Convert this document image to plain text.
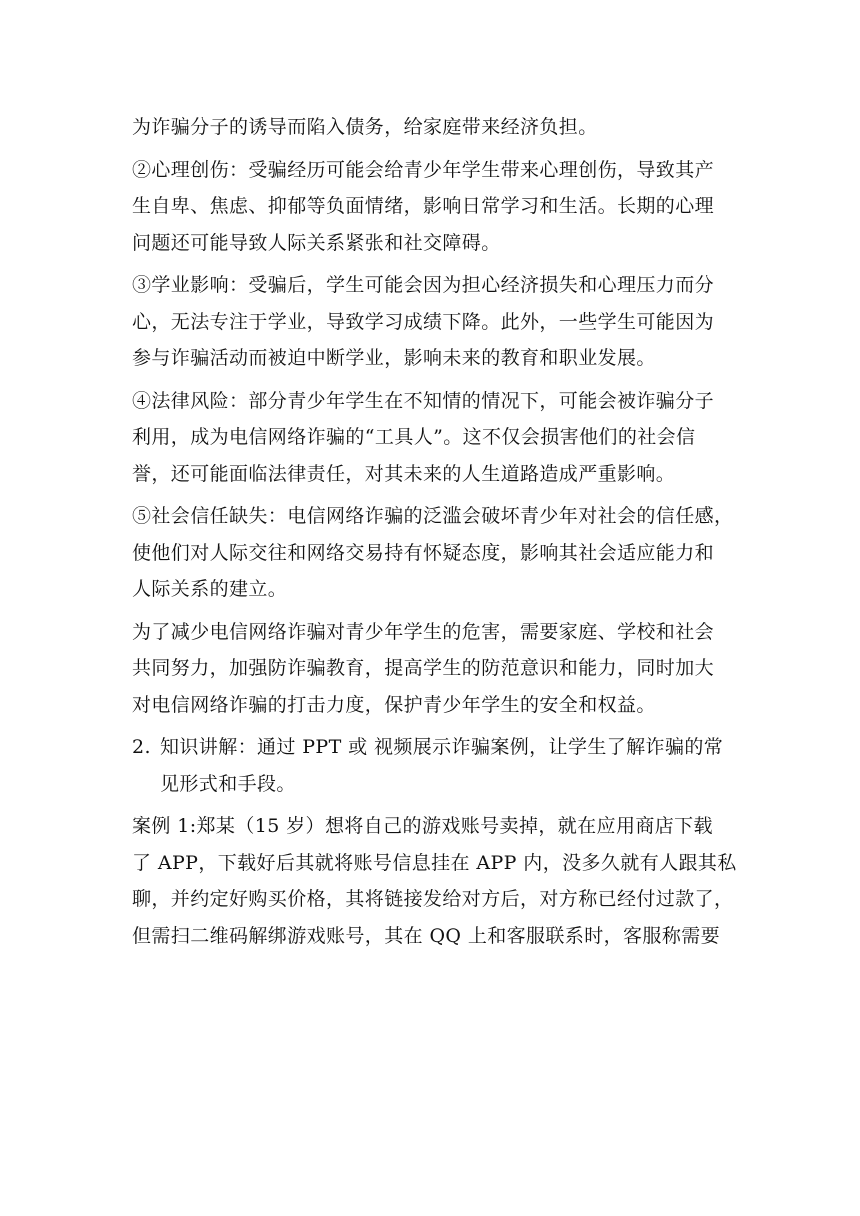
为诈骗分子的诱导而陷入债务，给家庭带来经济负担。
②心理创伤：受骗经历可能会给青少年学生带来心理创伤，导致其产
生自卑、焦虑、抑郁等负面情绪，影响日常学习和生活。长期的心理
问题还可能导致人际关系紧张和社交障碍。
③学业影响：受骗后，学生可能会因为担心经济损失和心理压力而分
心，无法专注于学业，导致学习成绩下降。此外，一些学生可能因为
参与诈骗活动而被迫中断学业，影响未来的教育和职业发展。
④法律风险：部分青少年学生在不知情的情况下，可能会被诈骗分子
利用，成为电信网络诈骗的“工具人”。这不仅会损害他们的社会信
誉，还可能面临法律责任，对其未来的人生道路造成严重影响。
⑤社会信任缺失：电信网络诈骗的泛滥会破坏青少年对社会的信任感，
使他们对人际交往和网络交易持有怀疑态度，影响其社会适应能力和
人际关系的建立。
为了减少电信网络诈骗对青少年学生的危害，需要家庭、学校和社会
共同努力，加强防诈骗教育，提高学生的防范意识和能力，同时加大
对电信网络诈骗的打击力度，保护青少年学生的安全和权益。
2. 知识讲解：通过 PPT 或 视频展示诈骗案例，让学生了解诈骗的常
见形式和手段。
案例 1:郑某（15 岁）想将自己的游戏账号卖掉，就在应用商店下载
了 APP，下载好后其就将账号信息挂在 APP 内，没多久就有人跟其私
聊，并约定好购买价格，其将链接发给对方后，对方称已经付过款了，
但需扫二维码解绑游戏账号，其在 QQ 上和客服联系时，客服称需要
